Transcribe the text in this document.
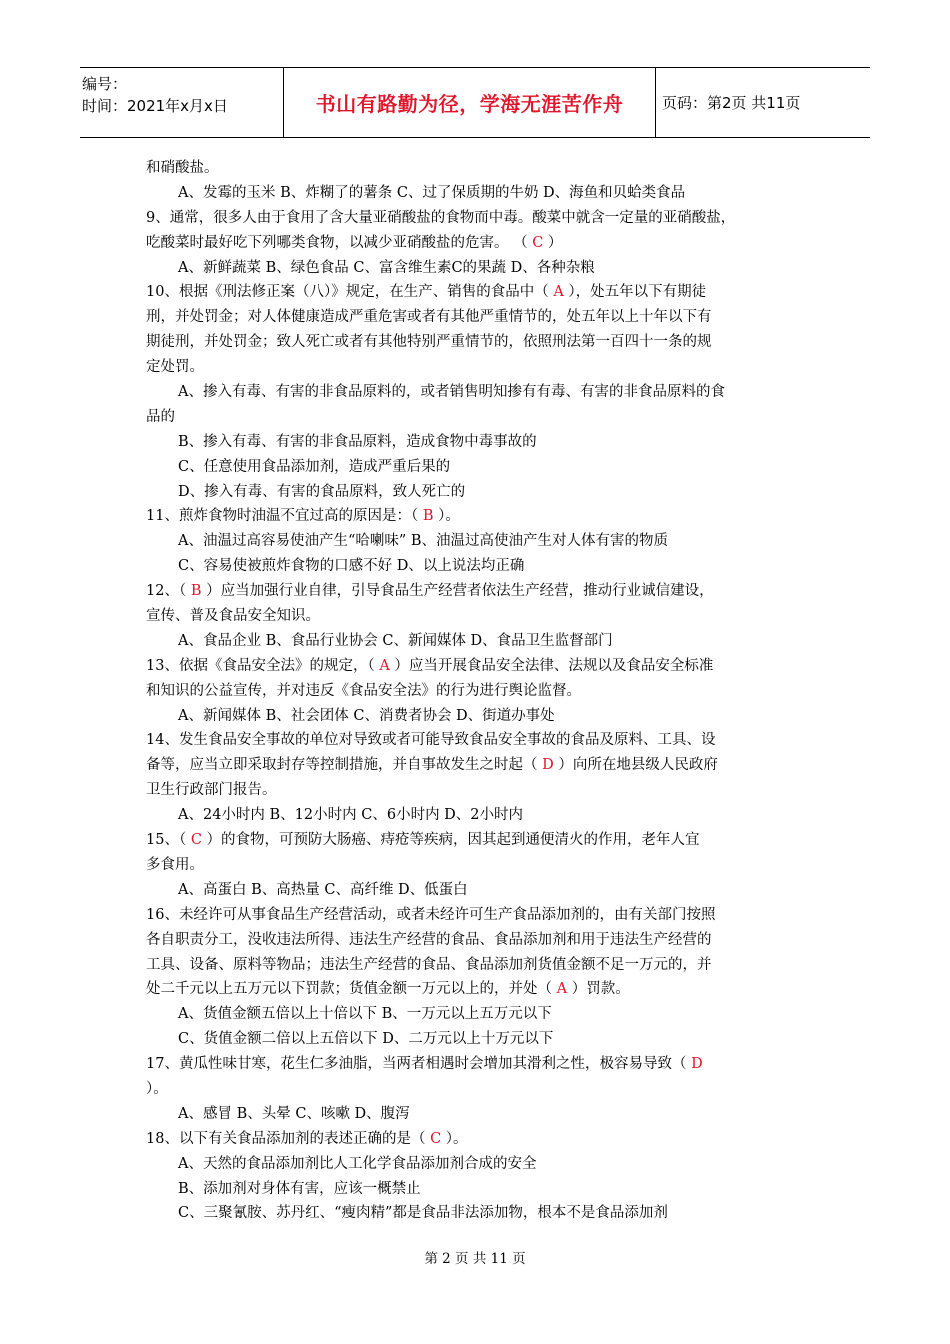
编号：
时间：2021年x月x日	书山有路勤为径，学海无涯苦作舟	页码：第2页 共11页
和硝酸盐。
A、发霉的玉米 B、炸糊了的薯条 C、过了保质期的牛奶 D、海鱼和贝蛤类食品
9、通常，很多人由于食用了含大量亚硝酸盐的食物而中毒。酸菜中就含一定量的亚硝酸盐，
吃酸菜时最好吃下列哪类食物，以减少亚硝酸盐的危害。 （ C ）
A、新鲜蔬菜 B、绿色食品 C、富含维生素C的果蔬 D、各种杂粮
10、根据《刑法修正案（八）》规定，在生产、销售的食品中（ A ），处五年以下有期徒
刑，并处罚金；对人体健康造成严重危害或者有其他严重情节的，处五年以上十年以下有
期徒刑，并处罚金；致人死亡或者有其他特别严重情节的，依照刑法第一百四十一条的规
定处罚。
A、掺入有毒、有害的非食品原料的，或者销售明知掺有有毒、有害的非食品原料的食
品的
B、掺入有毒、有害的非食品原料，造成食物中毒事故的
C、任意使用食品添加剂，造成严重后果的
D、掺入有毒、有害的食品原料，致人死亡的
11、煎炸食物时油温不宜过高的原因是：（ B ）。
A、油温过高容易使油产生“哈喇味” B、油温过高使油产生对人体有害的物质
C、容易使被煎炸食物的口感不好 D、以上说法均正确
12、（ B ）应当加强行业自律，引导食品生产经营者依法生产经营，推动行业诚信建设，
宣传、普及食品安全知识。
A、食品企业 B、食品行业协会 C、新闻媒体 D、食品卫生监督部门
13、依据《食品安全法》的规定，（ A ）应当开展食品安全法律、法规以及食品安全标准
和知识的公益宣传，并对违反《食品安全法》的行为进行舆论监督。
A、新闻媒体 B、社会团体 C、消费者协会 D、街道办事处
14、发生食品安全事故的单位对导致或者可能导致食品安全事故的食品及原料、工具、设
备等，应当立即采取封存等控制措施，并自事故发生之时起（ D ）向所在地县级人民政府
卫生行政部门报告。
A、24小时内 B、12小时内 C、6小时内 D、2小时内
15、（ C ）的食物，可预防大肠癌、痔疮等疾病，因其起到通便清火的作用，老年人宜
多食用。
A、高蛋白 B、高热量 C、高纤维 D、低蛋白
16、未经许可从事食品生产经营活动，或者未经许可生产食品添加剂的，由有关部门按照
各自职责分工，没收违法所得、违法生产经营的食品、食品添加剂和用于违法生产经营的
工具、设备、原料等物品；违法生产经营的食品、食品添加剂货值金额不足一万元的，并
处二千元以上五万元以下罚款；货值金额一万元以上的，并处（ A ）罚款。
A、货值金额五倍以上十倍以下 B、一万元以上五万元以下
C、货值金额二倍以上五倍以下 D、二万元以上十万元以下
17、黄瓜性味甘寒，花生仁多油脂，当两者相遇时会增加其滑利之性，极容易导致（ D
）。
A、感冒 B、头晕 C、咳嗽 D、腹泻
18、以下有关食品添加剂的表述正确的是（ C ）。
A、天然的食品添加剂比人工化学食品添加剂合成的安全
B、添加剂对身体有害，应该一概禁止
C、三聚氰胺、苏丹红、“瘦肉精”都是食品非法添加物，根本不是食品添加剂
第 2 页 共 11 页
